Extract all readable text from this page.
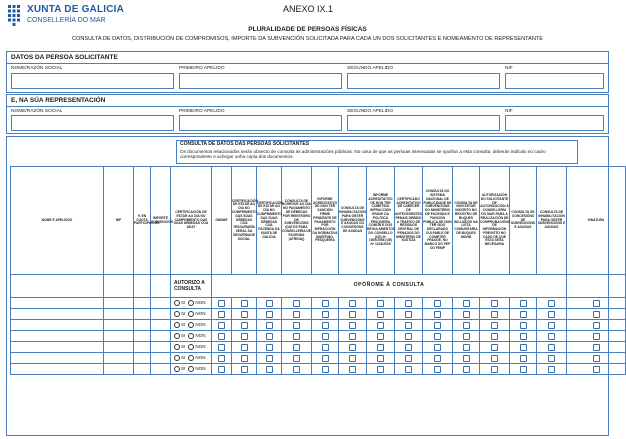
XUNTA DE GALICIA
CONSELLERÍA DO MAR
ANEXO IX.1
PLURALIDADE DE PERSOAS FÍSICAS
CONSULTA DE DATOS, DISTRIBUCIÓN DE COMPROMISOS, IMPORTE DA SUBVENCIÓN SOLICITADA PARA CADA UN DOS SOLICITANTES E NOMEAMENTO DE REPRESENTANTE
DATOS DA PERSOA SOLICITANTE
NOME/RAZÓN SOCIAL	PRIMEIRO APELIDO	SEGUNDO APELIDO	NIF
E, NA SÚA REPRESENTACIÓN
NOME/RAZÓN SOCIAL	PRIMEIRO APELIDO	SEGUNDO APELIDO	NIF
CONSULTA DE DATOS DAS PERSOAS SOLICITANTES
Os documentos relacionados serán obxecto de consulta ás administracións públicas. No caso de que as persoas interesadas se opoñan a esta consulta, deberán indicalo no cadro correspondente e achegar unha copia dos documentos.
NOME E APELIDOS	NIF	% EN CUOTA PARTICIPACIÓN	IMPORTE SUBVENCIÓN	CERTIFICACIÓN DE ESTAR AO DÍA NO CUMPRIMENTO DAS SÚAS DÉBEDAS COA AEAT	DNI/NIE	CERTIFICACIÓN DE ESTAR AO DÍA NO CUMPRIMENTO DAS SÚAS DÉBEDAS COA TESOURARÍA XERAL DA SEGURIDADE SOCIAL	CERTIFICACIÓN DE ESTAR AO DÍA NO CUMPRIMENTO DAS SÚAS DÉBEDAS COA FACENDA DA XUNTA DE GALICIA	CONSULTA DE ACHEGUE AO DÍA NO PAGAMENTO DE DÉBEDAS POR REINTEGRO DE SUBVENCIÓNS (DATOS PARA CONSELLERÍA DE FACENDA (ATRIGA))	INFORME ACREDITATIVO DE NON TER SANCIÓN FIRME PENDENTE DE PAGAMENTO POR INFRACCIÓN DA NORMATIVA MARÍTIMO-PESQUEIRA	CONSULTA DE INHABILITACIÓN PARA OBTER SUBVENCIÓNS E AXUDAS OU CONCESIÓNS DE AXUDAS	INFORME ACREDITATIVO DE NON TER COMETIDO INFRACCIÓN GRAVE DA POLÍTICA PESQUEIRA COMÚN E DOS REGULAMENTOS DO CONSELLO (CE) Nº 1005/2008 (UE) Nº 1224/2009	CERTIFICADO ACREDITATIVO DE CARECER DE ANTECEDENTES PENAIS DEBIDO A TRÁFICO DE RESIDUOS CENTRAL DE PENADOS DO MINISTERIO DE XUSTIZA	CONSULTA DO SISTEMA NACIONAL DE PUBLICIDADE DE SUBVENCIÓNS DO MINISTERIO DE FACENDA E FUNCIÓN PÚBLICA DE NON TER SIDO DECLARADO CULPABLE DE COMETER FRAUDE, NO MARCO DO FEP OU FEMP	CONSULTA DE NON ESTAR INSCRITO NO REXISTRO DE BUQUES INCLUÍDOS NA LISTA COMUNITARIA DE BUQUES INDNR	AUTORIZACIÓN DO SOLICITANTE DE AUTORIZACIÓN Á CONSELLERÍA DO MAR PARA A REALIZACIÓN DE COMPROBACIÓNS DE INFORMACIÓN PREVISTO NO CASO DE QUE ESTA SEXA NECESARIA	CONSULTA DE CONCESIÓNS DE SUBVENCIÓNS E AXUDAS	CONSULTA DE INHABILITACIÓN PARA OBTER SUBVENCIÓNS E AXUDAS	SINATURA
				AUTORIZO A CONSULTA	OPÓÑOME Á CONSULTA													
				SI NON														
				SI NON														
				SI NON														
				SI NON														
				SI NON														
				SI NON														
				SI NON														
